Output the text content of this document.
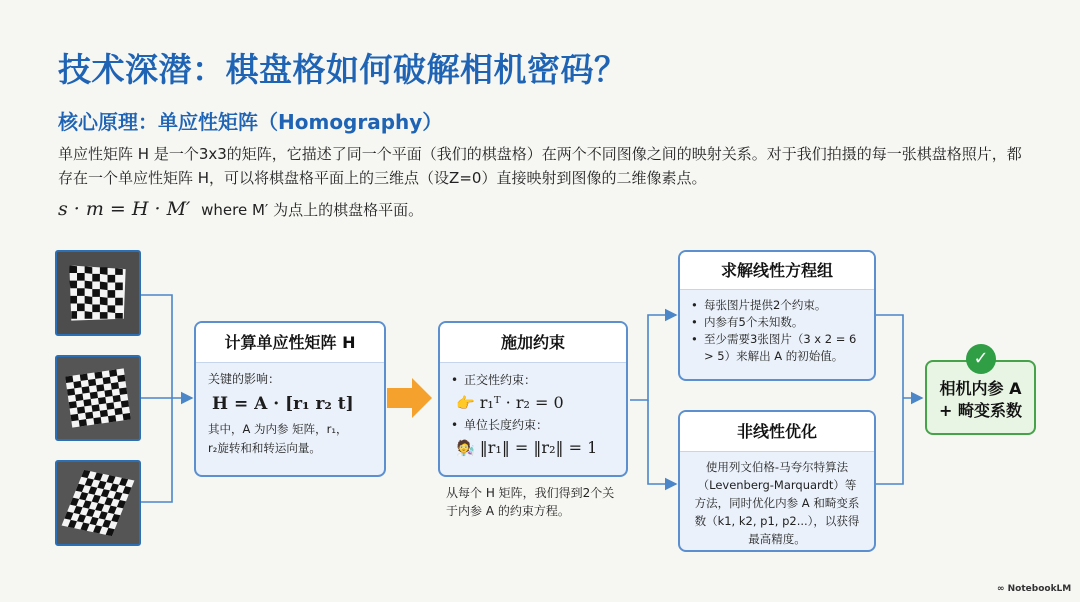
技术深潜：棋盘格如何破解相机密码？
核心原理：单应性矩阵（Homography）
单应性矩阵 H 是一个3x3的矩阵，它描述了同一个平面（我们的棋盘格）在两个不同图像之间的映射关系。对于我们拍摄的每一张棋盘格照片，都存在一个单应性矩阵 H，可以将棋盘格平面上的三维点（设Z=0）直接映射到图像的二维像素点。
s · m = H · M′ where M′ 为点上的棋盘格平面。
计算单应性矩阵 H
关键的影响：
H = A · [r₁ r₂ t]
其中，A 为内参 矩阵，r₁，
r₂旋转和和转运向量。
施加约束
• 正交性约束：
👉 r₁ᵀ · r₂ = 0
• 单位长度约束：
🧑‍🔬 ‖r₁‖ = ‖r₂‖ = 1
从每个 H 矩阵，我们得到2个关于内参 A 的约束方程。
求解线性方程组
• 每张图片提供2个约束。
• 内参有5个未知数。
• 至少需要3张图片（3 x 2 = 6 > 5）来解出 A 的初始值。
非线性优化
使用列文伯格-马夸尔特算法（Levenberg-Marquardt）等方法，同时优化内参 A 和畸变系数（k1, k2, p1, p2...），以获得最高精度。
相机内参 A
+ 畸变系数
✓
∞ NotebookLM
